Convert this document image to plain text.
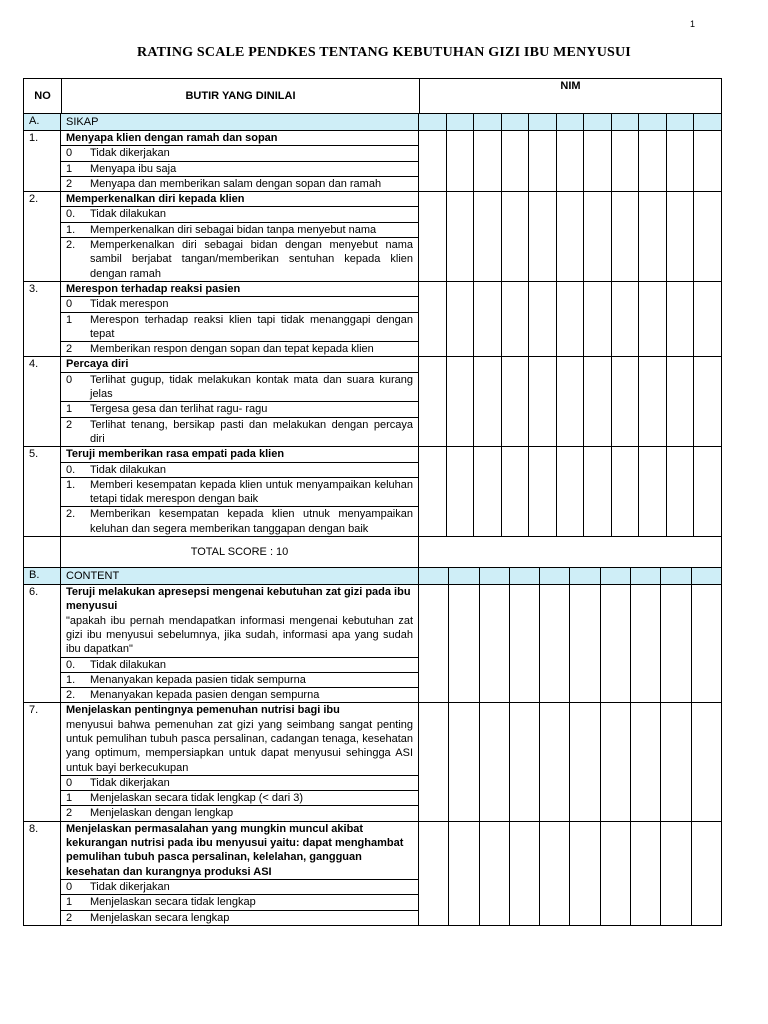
1
RATING SCALE PENDKES TENTANG KEBUTUHAN GIZI IBU MENYUSUI
NO	BUTIR YANG DINILAI
NIM
A.	SIKAP
1.	Menyapa klien dengan ramah dan sopan
0	Tidak dikerjakan
1	Menyapa ibu saja
2	Menyapa dan memberikan salam dengan sopan dan ramah
2.	Memperkenalkan diri kepada klien
0.	Tidak dilakukan
1.	Memperkenalkan diri sebagai bidan tanpa menyebut nama
2.	Memperkenalkan diri sebagai bidan dengan menyebut nama sambil berjabat tangan/memberikan sentuhan kepada klien dengan ramah
3.	Merespon terhadap reaksi pasien
0	Tidak merespon
1	Merespon terhadap reaksi klien tapi tidak menanggapi dengan tepat
2	Memberikan respon dengan sopan dan tepat kepada klien
4.	Percaya diri
0	Terlihat gugup, tidak melakukan kontak mata dan suara kurang jelas
1	Tergesa gesa dan terlihat ragu- ragu
2	Terlihat tenang, bersikap pasti dan melakukan dengan percaya diri
5.	Teruji memberikan rasa empati pada klien
0.	Tidak dilakukan
1.	Memberi kesempatan kepada klien untuk menyampaikan keluhan tetapi tidak merespon dengan baik
2.	Memberikan kesempatan kepada klien utnuk menyampaikan keluhan dan segera memberikan tanggapan dengan baik
TOTAL SCORE : 10
B.	CONTENT
6.	Teruji melakukan apresepsi mengenai kebutuhan zat gizi pada ibu menyusui
"apakah ibu pernah mendapatkan informasi mengenai kebutuhan zat gizi ibu menyusui sebelumnya, jika sudah, informasi apa yang sudah ibu dapatkan"
0.	Tidak dilakukan
1.	Menanyakan kepada pasien tidak sempurna
2.	Menanyakan kepada pasien dengan sempurna
7.	Menjelaskan pentingnya pemenuhan nutrisi bagi ibu
menyusui bahwa pemenuhan zat gizi yang seimbang sangat penting untuk pemulihan tubuh pasca persalinan, cadangan tenaga, kesehatan yang optimum, mempersiapkan untuk dapat menyusui sehingga ASI untuk bayi berkecukupan
0	Tidak dikerjakan
1	Menjelaskan secara tidak lengkap (< dari 3)
2	Menjelaskan dengan lengkap
8.	Menjelaskan permasalahan yang mungkin muncul akibat kekurangan nutrisi pada ibu menyusui yaitu: dapat menghambat pemulihan tubuh pasca persalinan, kelelahan, gangguan kesehatan dan kurangnya produksi ASI
0	Tidak dikerjakan
1	Menjelaskan secara tidak lengkap
2	Menjelaskan secara lengkap
